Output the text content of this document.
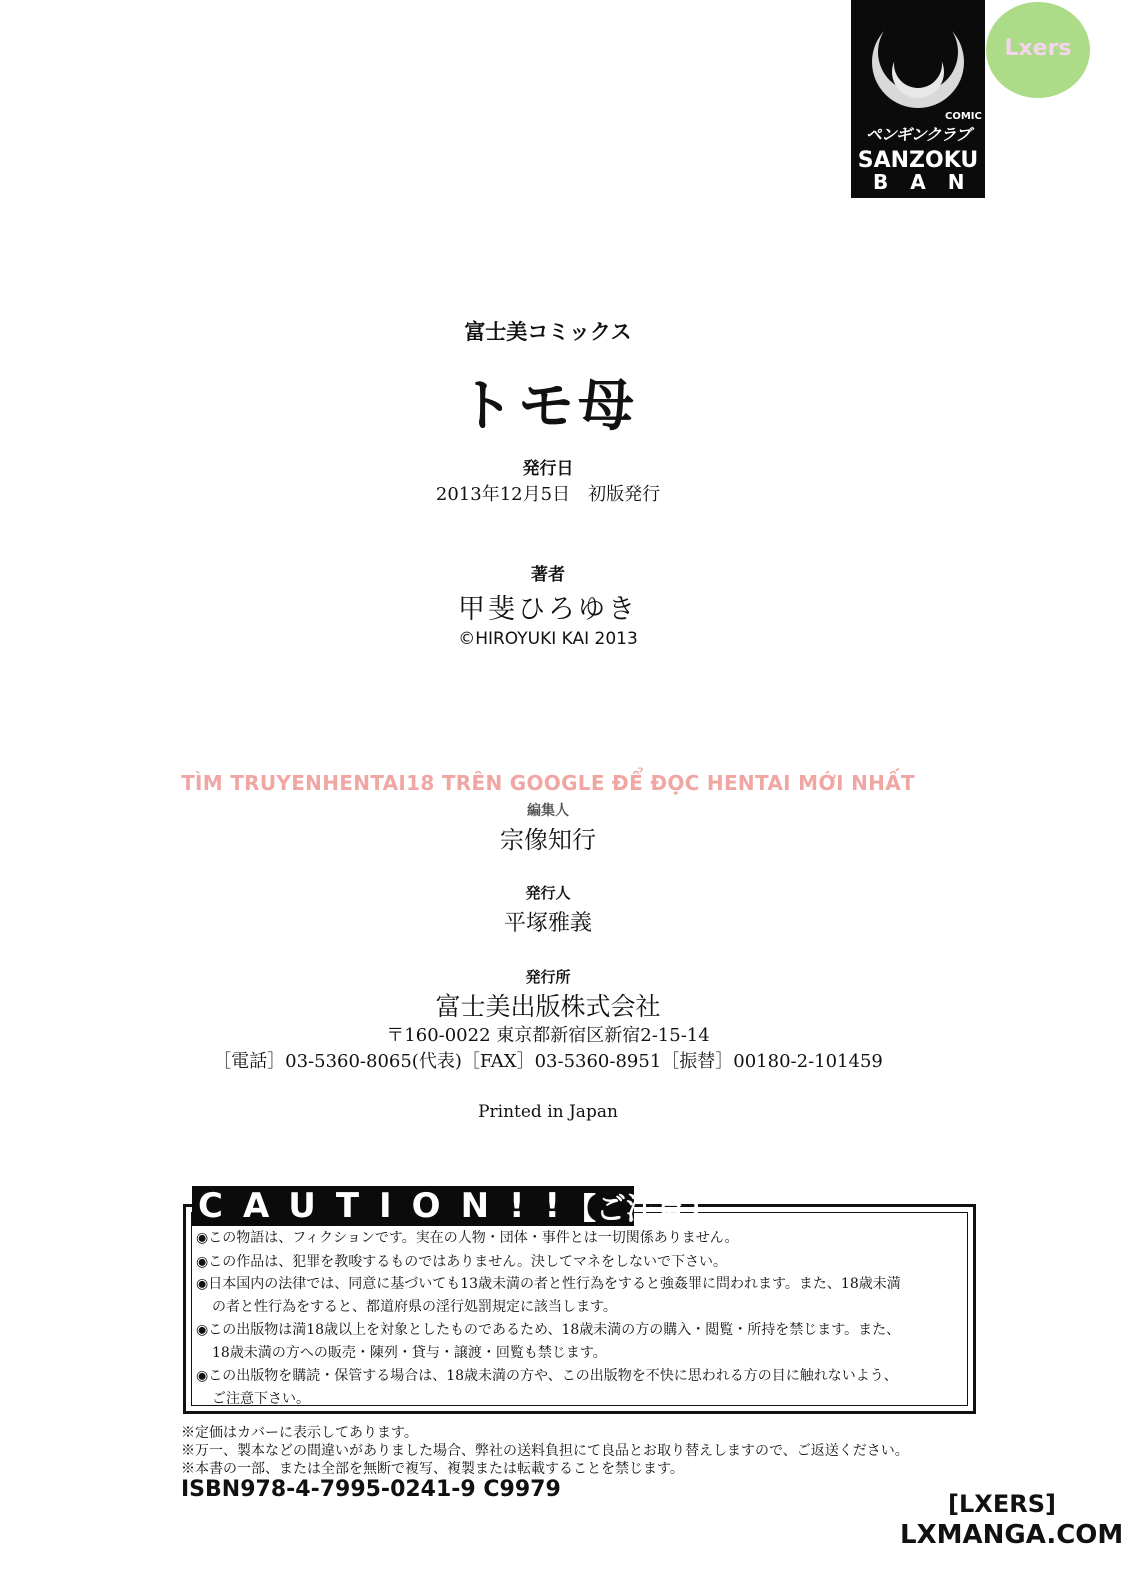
COMIC
ペンギンクラブ
SANZOKU
BAN
Lxers
富士美コミックス
トモ母
発行日
2013年12月5日　初版発行
著者
甲斐ひろゆき
©HIROYUKI KAI 2013
TÌM TRUYENHENTAI18 TRÊN GOOGLE ĐỂ ĐỌC HENTAI MỚI NHẤT
編集人
宗像知行
発行人
平塚雅義
発行所
富士美出版株式会社
〒160-0022 東京都新宿区新宿2-15-14
［電話］03-5360-8065(代表)［FAX］03-5360-8951［振替］00180-2-101459
Printed in Japan
CAUTION!!
【ご注意】
◉この物語は、フィクションです。実在の人物・団体・事件とは一切関係ありません。
◉この作品は、犯罪を教唆するものではありません。決してマネをしないで下さい。
◉日本国内の法律では、同意に基づいても13歳未満の者と性行為をすると強姦罪に問われます。また、18歳未満
の者と性行為をすると、都道府県の淫行処罰規定に該当します。
◉この出版物は満18歳以上を対象としたものであるため、18歳未満の方の購入・閲覧・所持を禁じます。また、
18歳未満の方への販売・陳列・貸与・譲渡・回覧も禁じます。
◉この出版物を購読・保管する場合は、18歳未満の方や、この出版物を不快に思われる方の目に触れないよう、
ご注意下さい。
※定価はカバーに表示してあります。
※万一、製本などの間違いがありました場合、弊社の送料負担にて良品とお取り替えしますので、ご返送ください。
※本書の一部、または全部を無断で複写、複製または転載することを禁じます。
ISBN978-4-7995-0241-9 C9979
[LXERS]
LXMANGA.COM
